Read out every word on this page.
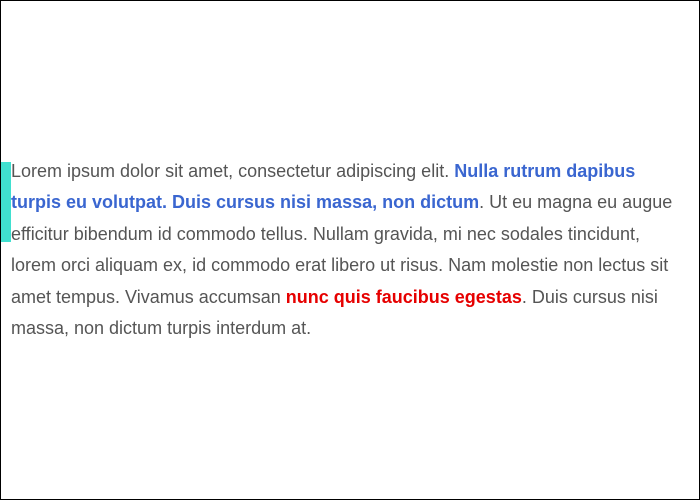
Lorem ipsum dolor sit amet, consectetur adipiscing elit. Nulla rutrum dapibus turpis eu volutpat. Duis cursus nisi massa, non dictum. Ut eu magna eu augue efficitur bibendum id commodo tellus. Nullam gravida, mi nec sodales tincidunt, lorem orci aliquam ex, id commodo erat libero ut risus. Nam molestie non lectus sit amet tempus. Vivamus accumsan nunc quis faucibus egestas. Duis cursus nisi massa, non dictum turpis interdum at.
